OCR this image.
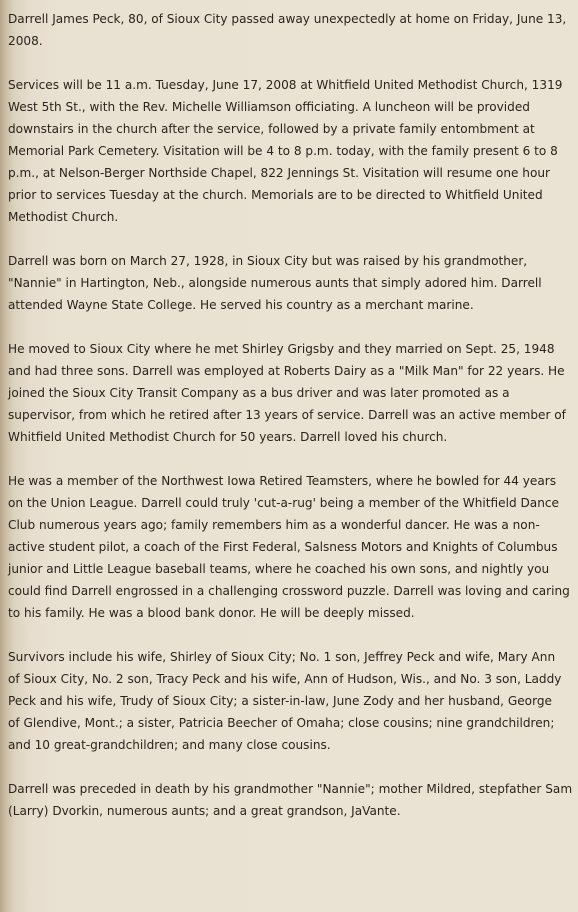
Darrell James Peck, 80, of Sioux City passed away unexpectedly at home on Friday, June 13,
2008.

Services will be 11 a.m. Tuesday, June 17, 2008 at Whitfield United Methodist Church, 1319
West 5th St., with the Rev. Michelle Williamson officiating. A luncheon will be provided
downstairs in the church after the service, followed by a private family entombment at
Memorial Park Cemetery. Visitation will be 4 to 8 p.m. today, with the family present 6 to 8
p.m., at Nelson-Berger Northside Chapel, 822 Jennings St. Visitation will resume one hour
prior to services Tuesday at the church. Memorials are to be directed to Whitfield United
Methodist Church.

Darrell was born on March 27, 1928, in Sioux City but was raised by his grandmother,
"Nannie" in Hartington, Neb., alongside numerous aunts that simply adored him. Darrell
attended Wayne State College. He served his country as a merchant marine.

He moved to Sioux City where he met Shirley Grigsby and they married on Sept. 25, 1948
and had three sons. Darrell was employed at Roberts Dairy as a "Milk Man" for 22 years. He
joined the Sioux City Transit Company as a bus driver and was later promoted as a
supervisor, from which he retired after 13 years of service. Darrell was an active member of
Whitfield United Methodist Church for 50 years. Darrell loved his church.

He was a member of the Northwest Iowa Retired Teamsters, where he bowled for 44 years
on the Union League. Darrell could truly 'cut-a-rug' being a member of the Whitfield Dance
Club numerous years ago; family remembers him as a wonderful dancer. He was a non-
active student pilot, a coach of the First Federal, Salsness Motors and Knights of Columbus
junior and Little League baseball teams, where he coached his own sons, and nightly you
could find Darrell engrossed in a challenging crossword puzzle. Darrell was loving and caring
to his family. He was a blood bank donor. He will be deeply missed.

Survivors include his wife, Shirley of Sioux City; No. 1 son, Jeffrey Peck and wife, Mary Ann
of Sioux City, No. 2 son, Tracy Peck and his wife, Ann of Hudson, Wis., and No. 3 son, Laddy
Peck and his wife, Trudy of Sioux City; a sister-in-law, June Zody and her husband, George
of Glendive, Mont.; a sister, Patricia Beecher of Omaha; close cousins; nine grandchildren;
and 10 great-grandchildren; and many close cousins.

Darrell was preceded in death by his grandmother "Nannie"; mother Mildred, stepfather Sam
(Larry) Dvorkin, numerous aunts; and a great grandson, JaVante.
